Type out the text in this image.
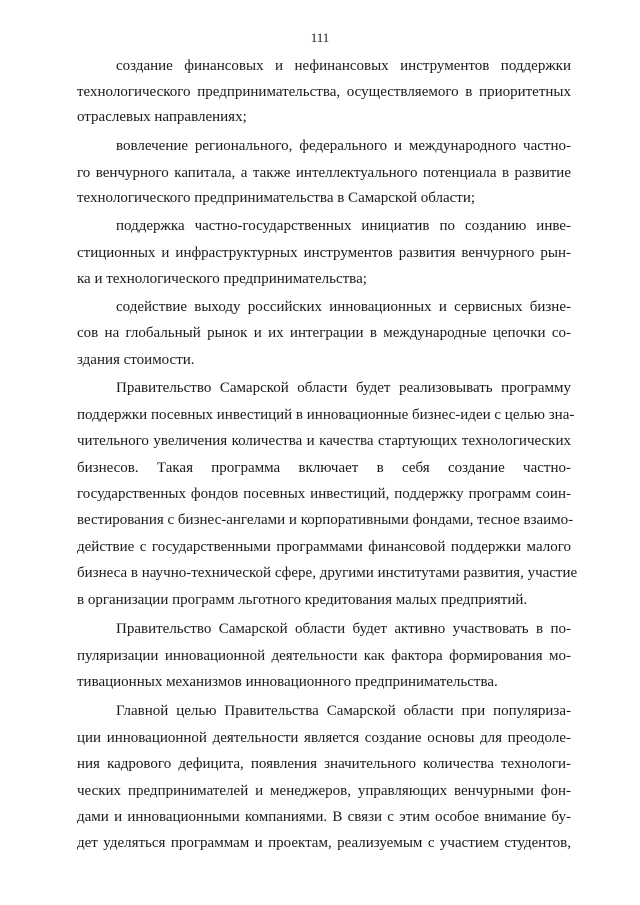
111
создание финансовых и нефинансовых инструментов поддержки
технологического предпринимательства, осуществляемого в приоритетных
отраслевых направлениях;
вовлечение регионального, федерального и международного частно-
го венчурного капитала, а также интеллектуального потенциала в развитие
технологического предпринимательства в Самарской области;
поддержка частно-государственных инициатив по созданию инве-
стиционных и инфраструктурных инструментов развития венчурного рын-
ка и технологического предпринимательства;
содействие выходу российских инновационных и сервисных бизне-
сов на глобальный рынок и их интеграции в международные цепочки со-
здания стоимости.
Правительство Самарской области будет реализовывать программу
поддержки посевных инвестиций в инновационные бизнес-идеи с целью зна-
чительного увеличения количества и качества стартующих технологических
бизнесов. Такая программа включает в себя создание частно-
государственных фондов посевных инвестиций, поддержку программ соин-
вестирования с бизнес-ангелами и корпоративными фондами, тесное взаимо-
действие с государственными программами финансовой поддержки малого
бизнеса в научно-технической сфере, другими институтами развития, участие
в организации программ льготного кредитования малых предприятий.
Правительство Самарской области будет активно участвовать в по-
пуляризации инновационной деятельности как фактора формирования мо-
тивационных механизмов инновационного предпринимательства.
Главной целью Правительства Самарской области при популяриза-
ции инновационной деятельности является создание основы для преодоле-
ния кадрового дефицита, появления значительного количества технологи-
ческих предпринимателей и менеджеров, управляющих венчурными фон-
дами и инновационными компаниями. В связи с этим особое внимание бу-
дет уделяться программам и проектам, реализуемым с участием студентов,
